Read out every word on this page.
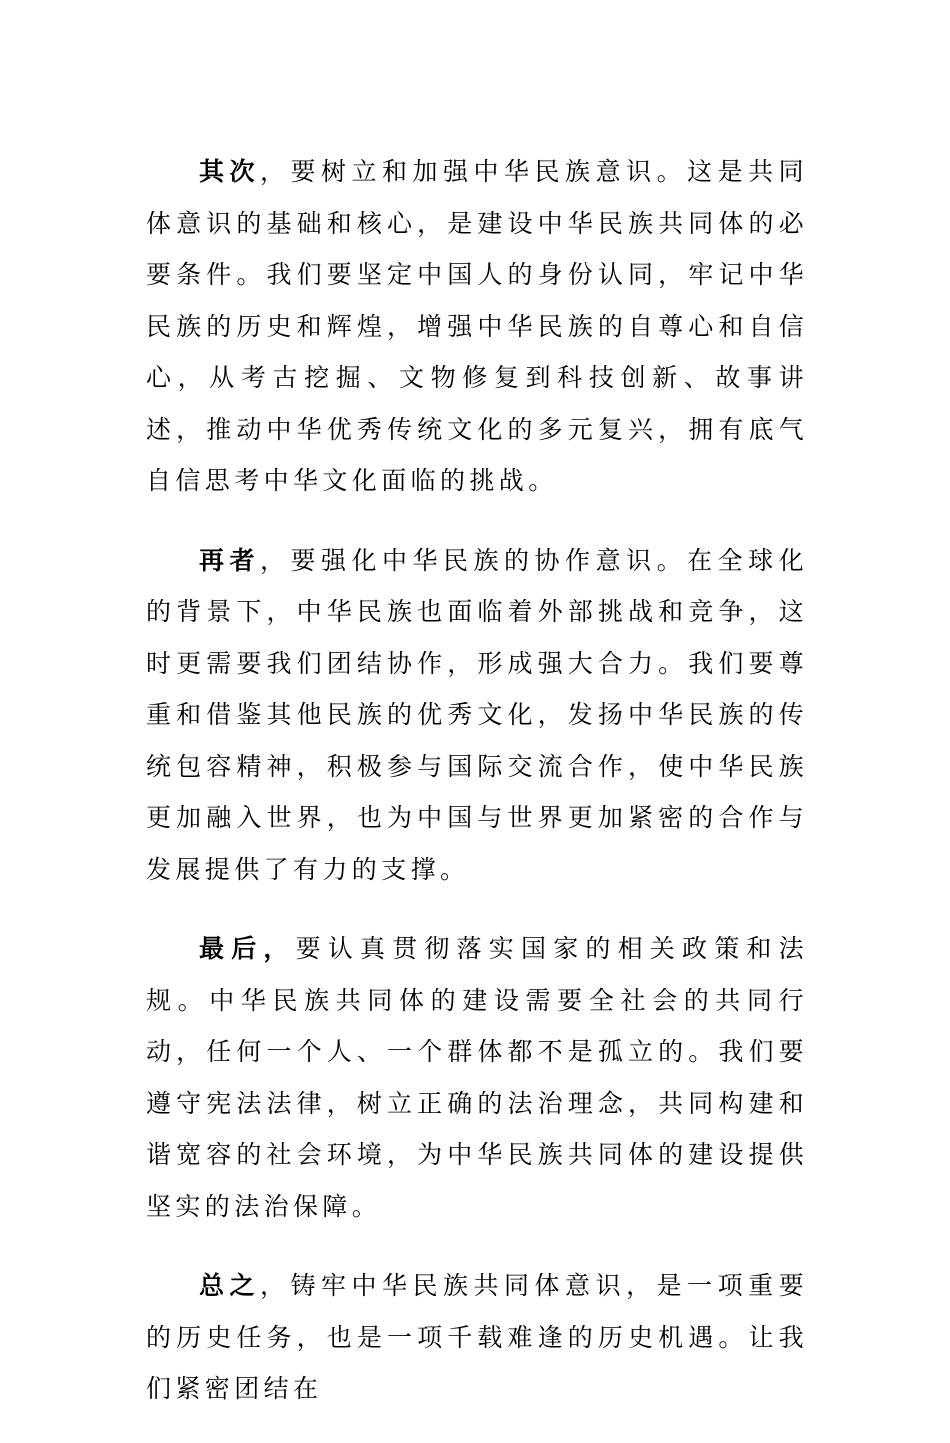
其次，要树立和加强中华民族意识。这是共同体意识的基础和核心，是建设中华民族共同体的必要条件。我们要坚定中国人的身份认同，牢记中华民族的历史和辉煌，增强中华民族的自尊心和自信心，从考古挖掘、文物修复到科技创新、故事讲述，推动中华优秀传统文化的多元复兴，拥有底气自信思考中华文化面临的挑战。

再者，要强化中华民族的协作意识。在全球化的背景下，中华民族也面临着外部挑战和竞争，这时更需要我们团结协作，形成强大合力。我们要尊重和借鉴其他民族的优秀文化，发扬中华民族的传统包容精神，积极参与国际交流合作，使中华民族更加融入世界，也为中国与世界更加紧密的合作与发展提供了有力的支撑。

最后，要认真贯彻落实国家的相关政策和法规。中华民族共同体的建设需要全社会的共同行动，任何一个人、一个群体都不是孤立的。我们要遵守宪法法律，树立正确的法治理念，共同构建和谐宽容的社会环境，为中华民族共同体的建设提供坚实的法治保障。

总之，铸牢中华民族共同体意识，是一项重要的历史任务，也是一项千载难逢的历史机遇。让我们紧密团结在
